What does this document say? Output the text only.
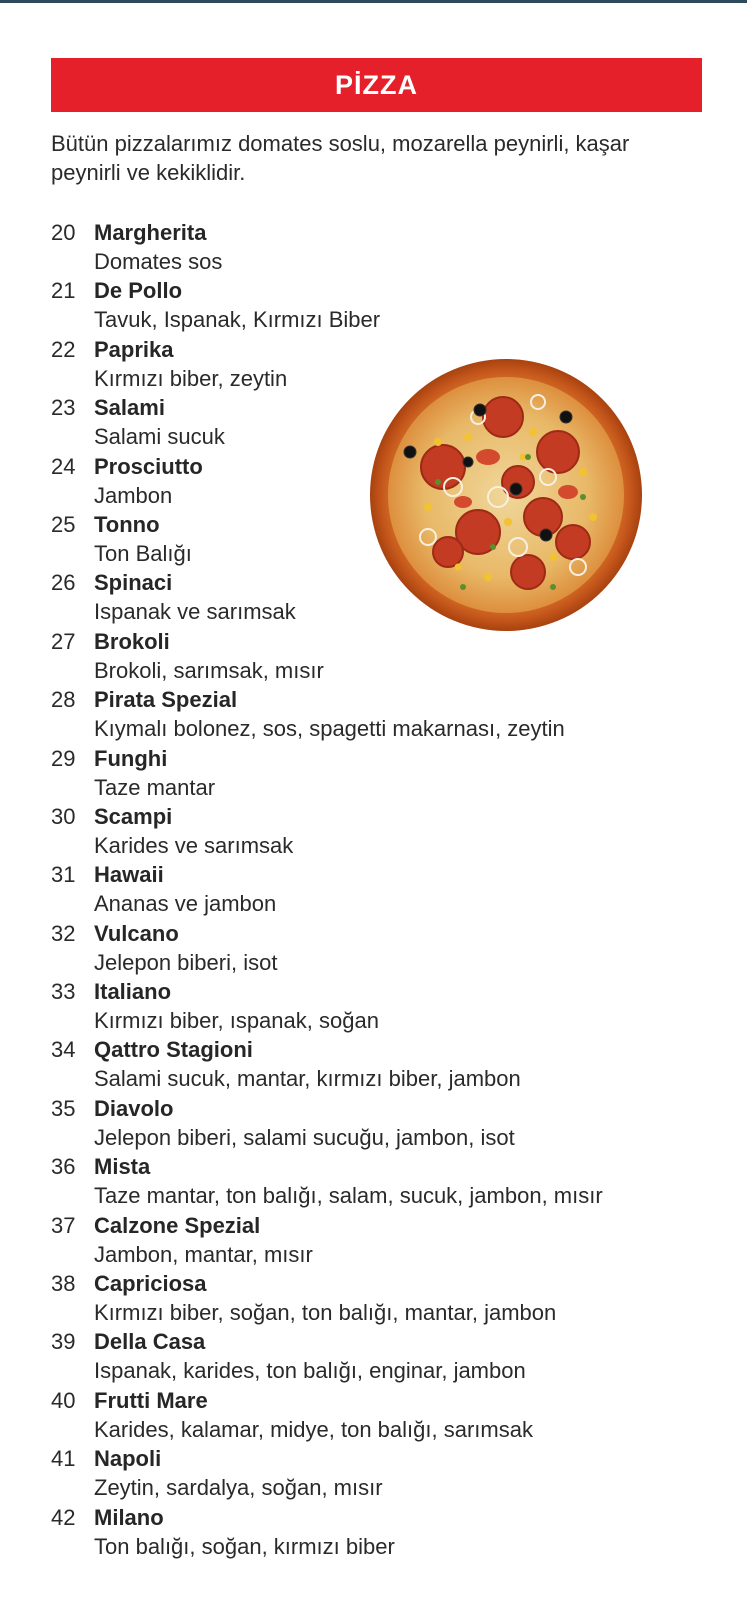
PİZZA
Bütün pizzalarımız domates soslu, mozarella peynirli, kaşar peynirli ve kekiklidir.
20 Margherita
Domates sos
21 De Pollo
Tavuk, Ispanak, Kırmızı Biber
22 Paprika
Kırmızı biber, zeytin
23 Salami
Salami sucuk
24 Prosciutto
Jambon
25 Tonno
Ton Balığı
26 Spinaci
Ispanak ve sarımsak
27 Brokoli
Brokoli, sarımsak, mısır
28 Pirata Spezial
Kıymalı bolonez, sos, spagetti makarnası, zeytin
29 Funghi
Taze mantar
30 Scampi
Karides ve sarımsak
31 Hawaii
Ananas ve jambon
32 Vulcano
Jelepon biberi, isot
33 Italiano
Kırmızı biber, ıspanak, soğan
34 Qattro Stagioni
Salami sucuk, mantar, kırmızı biber, jambon
35 Diavolo
Jelepon biberi, salami sucuğu, jambon, isot
36 Mista
Taze mantar, ton balığı, salam, sucuk, jambon, mısır
37 Calzone Spezial
Jambon, mantar, mısır
38 Capriciosa
Kırmızı biber, soğan, ton balığı, mantar, jambon
39 Della Casa
Ispanak, karides, ton balığı, enginar, jambon
40 Frutti Mare
Karides, kalamar, midye, ton balığı, sarımsak
41 Napoli
Zeytin, sardalya, soğan, mısır
42 Milano
Ton balığı, soğan, kırmızı biber
